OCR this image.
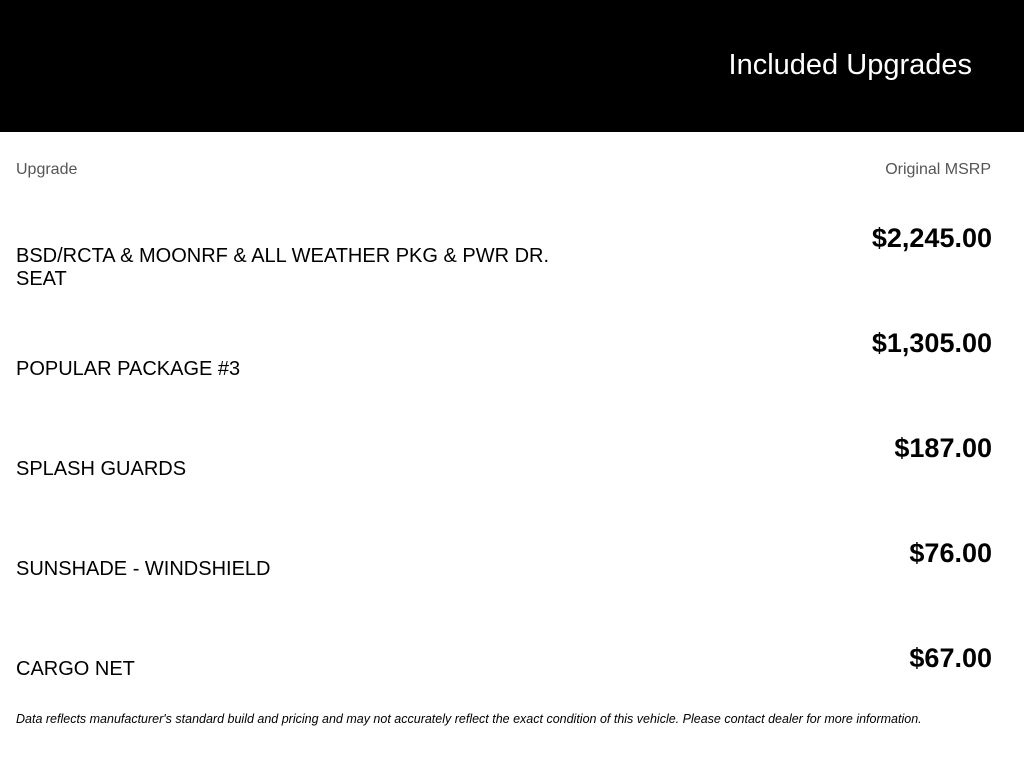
Included Upgrades
Upgrade	Original MSRP
BSD/RCTA & MOONRF & ALL WEATHER PKG & PWR DR. SEAT
$2,245.00
POPULAR PACKAGE #3
$1,305.00
SPLASH GUARDS
$187.00
SUNSHADE - WINDSHIELD
$76.00
CARGO NET	$67.00
Data reflects manufacturer's standard build and pricing and may not accurately reflect the exact condition of this vehicle. Please contact dealer for more information.
